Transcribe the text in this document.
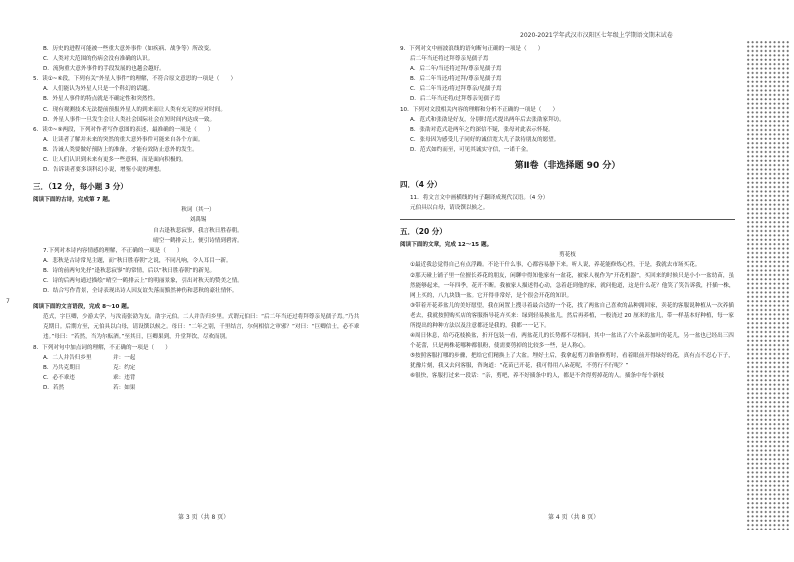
2020-2021学年武汉市汉阳区七年级上学期语文期末试卷
7
B．历史的进程可能被一些重大意外事件（如疾病、战争等）所改变。
C．人类对大范围的伤病会没有准确的认识。
D．流狗重大意外事件的手段发展的也越会越好。
5．读①~⑥段，下列有关“外星人事件”的理解，不符合原文意思的一项是（　　）
A．人们能认为外星人只是一个科幻的话题。
B．外星人事件的特点就是不确定性和突然性。
C．现有观测技术无法提前预报外星人的到来而让人类有充足的应对时间。
D．外星人事件一旦发生会让人类社会国际社会在短时间内达成一致。
6．读⑦~⑨两段，下列对作者写作意图的表述，最准确的一项是（　　）
A．让读者了解并未来的突然的重大意外事件可能来自各个方面。
B．告诫人类要做好预防上的准备，才能有效防止意外的发生。
C．让人们认识到未来有更多一些意料，而是面向积极的。
D．告诉读者要多读科幻小说，增鉴小说的理想。
三．（12 分，每小题 3 分）
阅读下面的古诗，完成第 7 题。
秋词（其一）
刘禹锡
自古逢秋悲寂寥，我言秋日胜春朝。
晴空一鹤排云上，便引诗情到碧霄。
7.下列对本诗内容情感的理解，不正确的一项是（　　）
A．悲秋是古诗常见主题，而“秋日胜春朝”之说，不同凡响，令人耳目一新。
B．诗的前两句先抒“逢秋悲寂寥”的常情，后以“秋日胜春朝”的新见。
C．诗的后两句通过描绘“晴空一鹤排云上”的明丽景象，引出对秋天的赞美之情。
D．结合写作背景，全诗表现出诗人因友谊失落而黯然神伤和悲秋的豪壮情怀。
阅读下面的文言语段，完成 8～10 题。
范式，字巨卿，少游太学，与汝南张劭为友。劭字元伯。二人并告归乡里。式谓元伯曰：“后二年当还过将拜尊亲见孺子焉。”乃共克期日。后期方至，元伯具以白母，请设馔以候之。母曰：“二年之别，千里结言，尔何相信之审邪？”对曰：“巨卿信士，必不乖违。”母曰：“若然，当为尔酝酒。”至其日，巨卿果到，升堂拜饮，尽欢而别。
8．下列对句中加点词的理解，不正确的一项是（　　）
A．二人并告归乡里	并：一起
B．乃共克期日	克：约定
C．必不乖违	乖：违背
D．若然	若：如果
9．下列对文中画波浪线的语句断句正确的一项是（　　）
后二年当还将过拜尊亲见孺子焉
A．后二年/当还将过拜/尊亲见孺子焉
B．后二年当还/将过拜/尊亲见孺子焉
C．后二年当还/将过拜尊亲/见孺子焉
D．后二年当还将/过拜尊亲见孺子焉
10．下列对文段相关内容的理解和分析不正确的一项是（　　）
A．范式和张劭是好友，分别时范式提出两年后去张劭家拜访。
B．张劭对范式赴两年之约深信不疑，张母对此表示怀疑。
C．张母因为感受儿子同好的诚信宽大儿子款待朋友的愿望。
D．范式如约而至，可见其诚实守信，一诺千金。
第Ⅱ卷（非选择题 90 分）
四．（4 分）
11．将文言文中画横线的句子翻译成现代汉语。（4 分）
元伯具以白母，请设馔以候之。
五．（20 分）
阅读下面的文章，完成 12～15 题。
剪花枝
①最近我总觉得自己有点浮躁。不论干什么事，心都容易静下来。听人说，养花能修炼心性，于是，我就去市场买花。
②那天碰上铺子里一位擅长养花的朋友，闲聊中得知他家有一盆花，被家人视作为“开花机器”，买回来的时候只是小小一盆幼苗，虽然能够起来，一年四季，花开不断。我被家人描述得心动，急着赶到他的家，就问他道，这是什么花？他笑了笑告诉我，扦插一株，网上买的，八九块钱一盆。它开得非常好，是个很会开花的知识。
③带着开花养盆儿的美好愿望，我在闲置上搜寻着最合适的一个花，找了两盆自己喜欢的品种拥回家，卖花的客服说种植从一次养插老去，我就按照购买店的客服指导花卉买来：绿到轻易换盆儿，然后再养植，一般浇过 20 厘米的盆儿，带一样基本好种植，每一家所提出的种种方法以及注意都还是我的，我都一一记下。
④周日休息，给巧花枝换盆，折开包装一看，两盆花儿的长势都不尽相同，其中一盆出了六个朵蕊加叶的花儿，另一盆也已经出三四个花蕾，只是两株花哪种都很粉，使需要剪掉的比较多一些，是人称心。
⑤按照客服打哪的步骤，把给它们精换上了大盆。埋好土后，我拿起剪刀准备修剪时，看着眼前开得绿好的花，真有点不忍心下子，犹豫片刻，我又去问客服，咨询道：“花苗已开花，我可得用八朵花呢，不剪行不行呢？”
⑥很快，客服打过来一段话：“亲，剪吧，养不好插条中的人，都是不舍得剪掉花的人。插条中每个新枝
第 3 页（共 8 页）	第 4 页（共 8 页）
